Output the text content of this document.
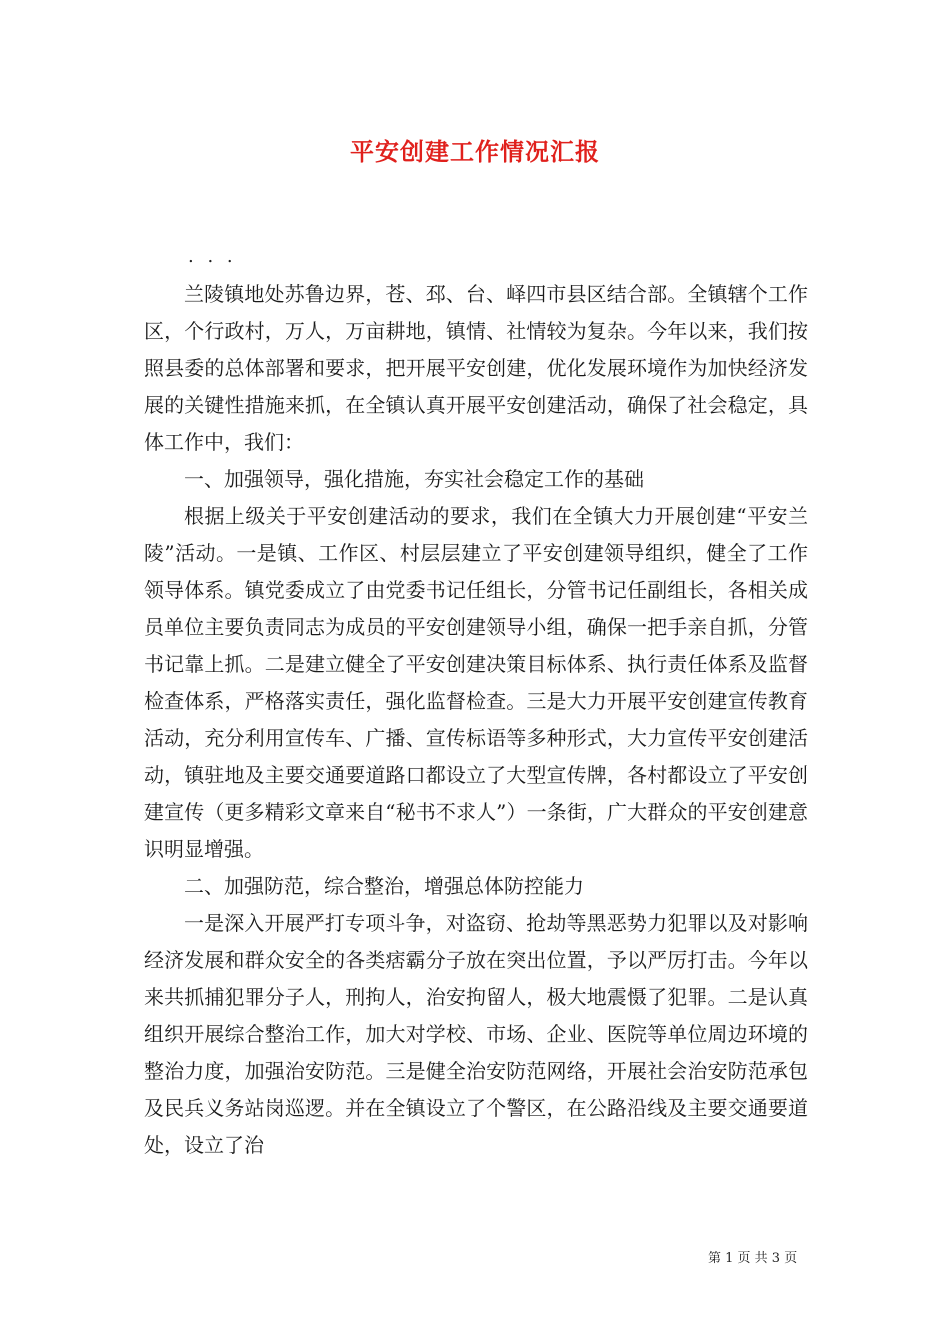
平安创建工作情况汇报
. . .

兰陵镇地处苏鲁边界，苍、邳、台、峄四市县区结合部。全镇辖个工作区，个行政村，万人，万亩耕地，镇情、社情较为复杂。今年以来，我们按照县委的总体部署和要求，把开展平安创建，优化发展环境作为加快经济发展的关键性措施来抓，在全镇认真开展平安创建活动，确保了社会稳定，具体工作中，我们：

一、加强领导，强化措施，夯实社会稳定工作的基础

根据上级关于平安创建活动的要求，我们在全镇大力开展创建“平安兰陵”活动。一是镇、工作区、村层层建立了平安创建领导组织，健全了工作领导体系。镇党委成立了由党委书记任组长，分管书记任副组长，各相关成员单位主要负责同志为成员的平安创建领导小组，确保一把手亲自抓，分管书记靠上抓。二是建立健全了平安创建决策目标体系、执行责任体系及监督检查体系，严格落实责任，强化监督检查。三是大力开展平安创建宣传教育活动，充分利用宣传车、广播、宣传标语等多种形式，大力宣传平安创建活动，镇驻地及主要交通要道路口都设立了大型宣传牌，各村都设立了平安创建宣传（更多精彩文章来自“秘书不求人”）一条街，广大群众的平安创建意识明显增强。

二、加强防范，综合整治，增强总体防控能力

一是深入开展严打专项斗争，对盗窃、抢劫等黑恶势力犯罪以及对影响经济发展和群众安全的各类痞霸分子放在突出位置，予以严厉打击。今年以来共抓捕犯罪分子人，刑拘人，治安拘留人，极大地震慑了犯罪。二是认真组织开展综合整治工作，加大对学校、市场、企业、医院等单位周边环境的整治力度，加强治安防范。三是健全治安防范网络，开展社会治安防范承包及民兵义务站岗巡逻。并在全镇设立了个警区，在公路沿线及主要交通要道处，设立了治

第 1 页 共 3 页
